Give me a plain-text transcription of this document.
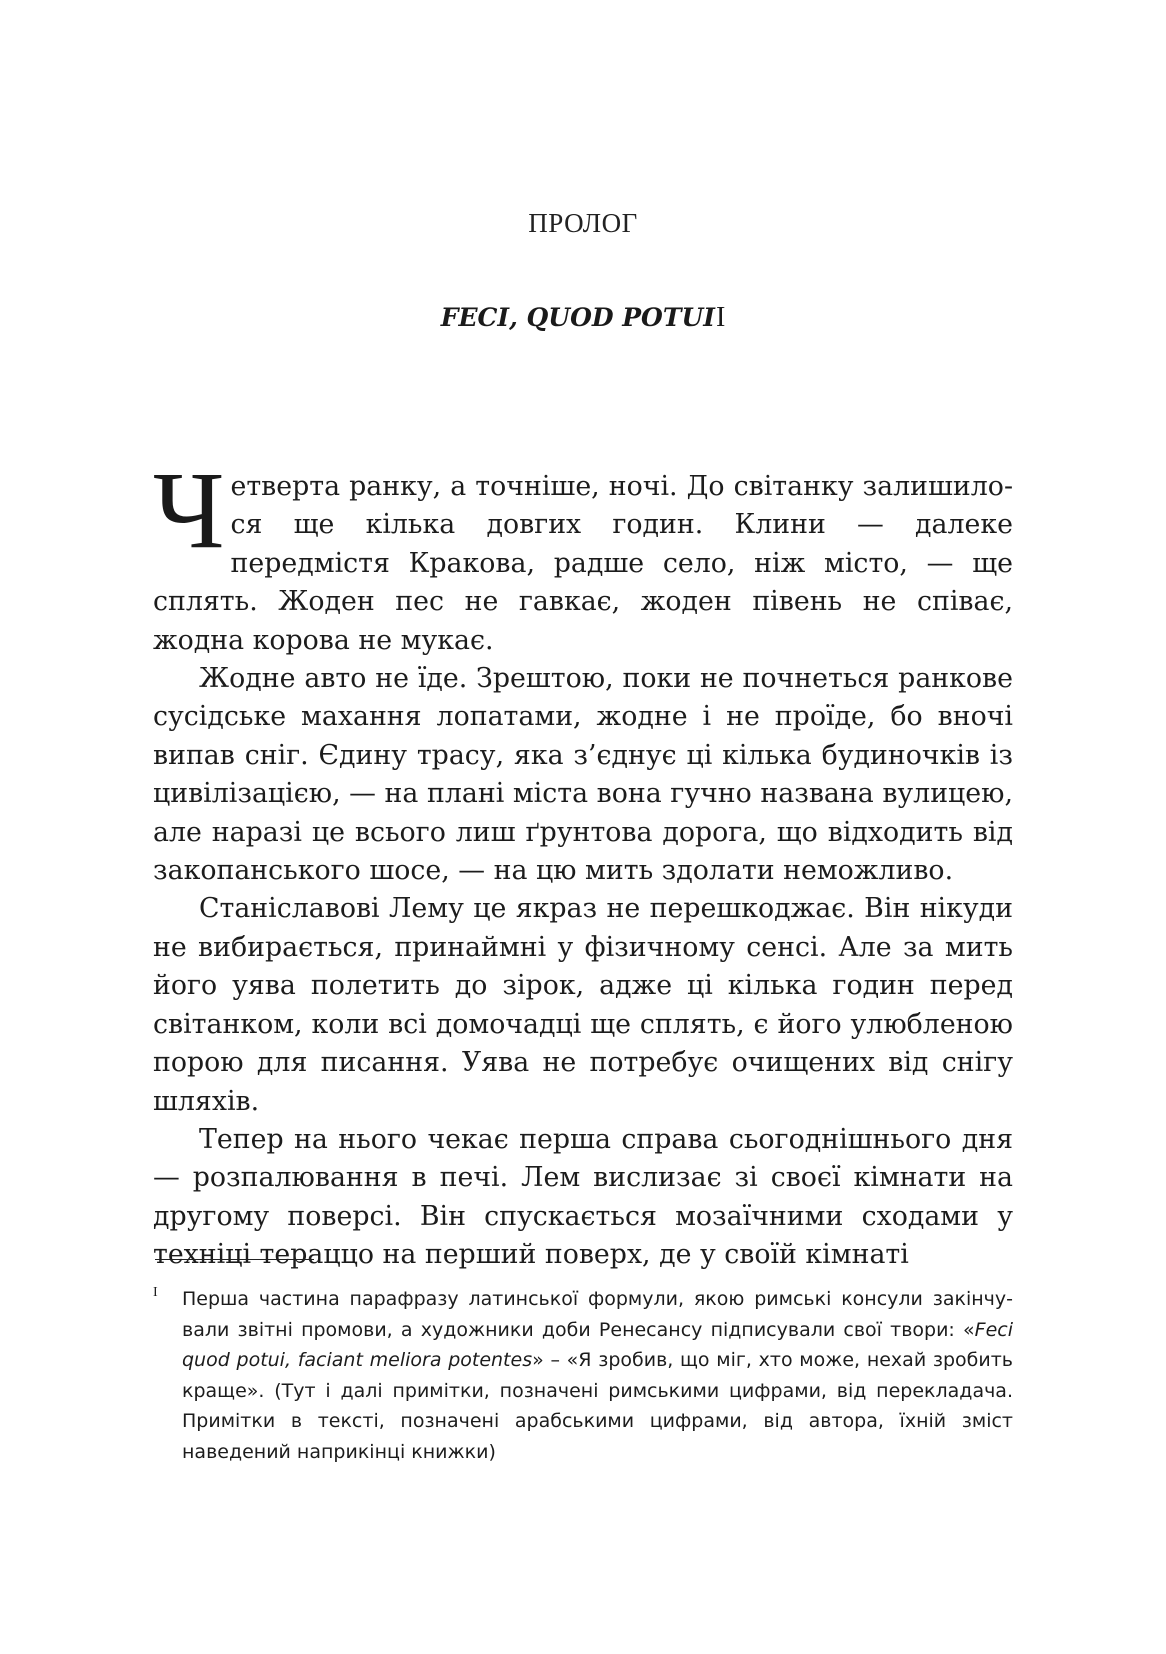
ПРОЛОГ
FECI, QUOD POTUII

Четверта ранку, а точніше, ночі. До світанку залишилося ще кілька довгих годин. Клини — далеке передмістя Кракова, радше село, ніж місто, — ще сплять. Жоден пес не гавкає, жоден півень не співає, жодна корова не мукає.

Жодне авто не їде. Зрештою, поки не почнеться ранкове сусідське махання лопатами, жодне і не проїде, бо вночі випав сніг. Єдину трасу, яка з’єднує ці кілька будиночків із цивілізацією, — на плані міста вона гучно названа вулицею, але наразі це всього лиш ґрунтова дорога, що відходить від закопанського шосе, — на цю мить здолати неможливо.

Станіславові Лему це якраз не перешкоджає. Він нікуди не вибирається, принаймні у фізичному сенсі. Але за мить його уява полетить до зірок, адже ці кілька годин перед світанком, коли всі домочадці ще сплять, є його улюбленою порою для писання. Уява не потребує очищених від снігу шляхів.

Тепер на нього чекає перша справа сьогоднішнього дня — розпалювання в печі. Лем вислизає зі своєї кімнати на другому поверсі. Він спускається мозаїчними сходами у техніці тераццо на перший поверх, де у своїй кімнаті

I Перша частина парафразу латинської формули, якою римські консули закінчували звітні промови, а художники доби Ренесансу підписували свої твори: «Feci quod potui, faciant meliora potentes» – «Я зробив, що міг, хто може, нехай зробить краще». (Тут і далі примітки, позначені римськими цифрами, від перекладача. Примітки в тексті, позначені арабськими цифрами, від автора, їхній зміст наведений наприкінці книжки)
